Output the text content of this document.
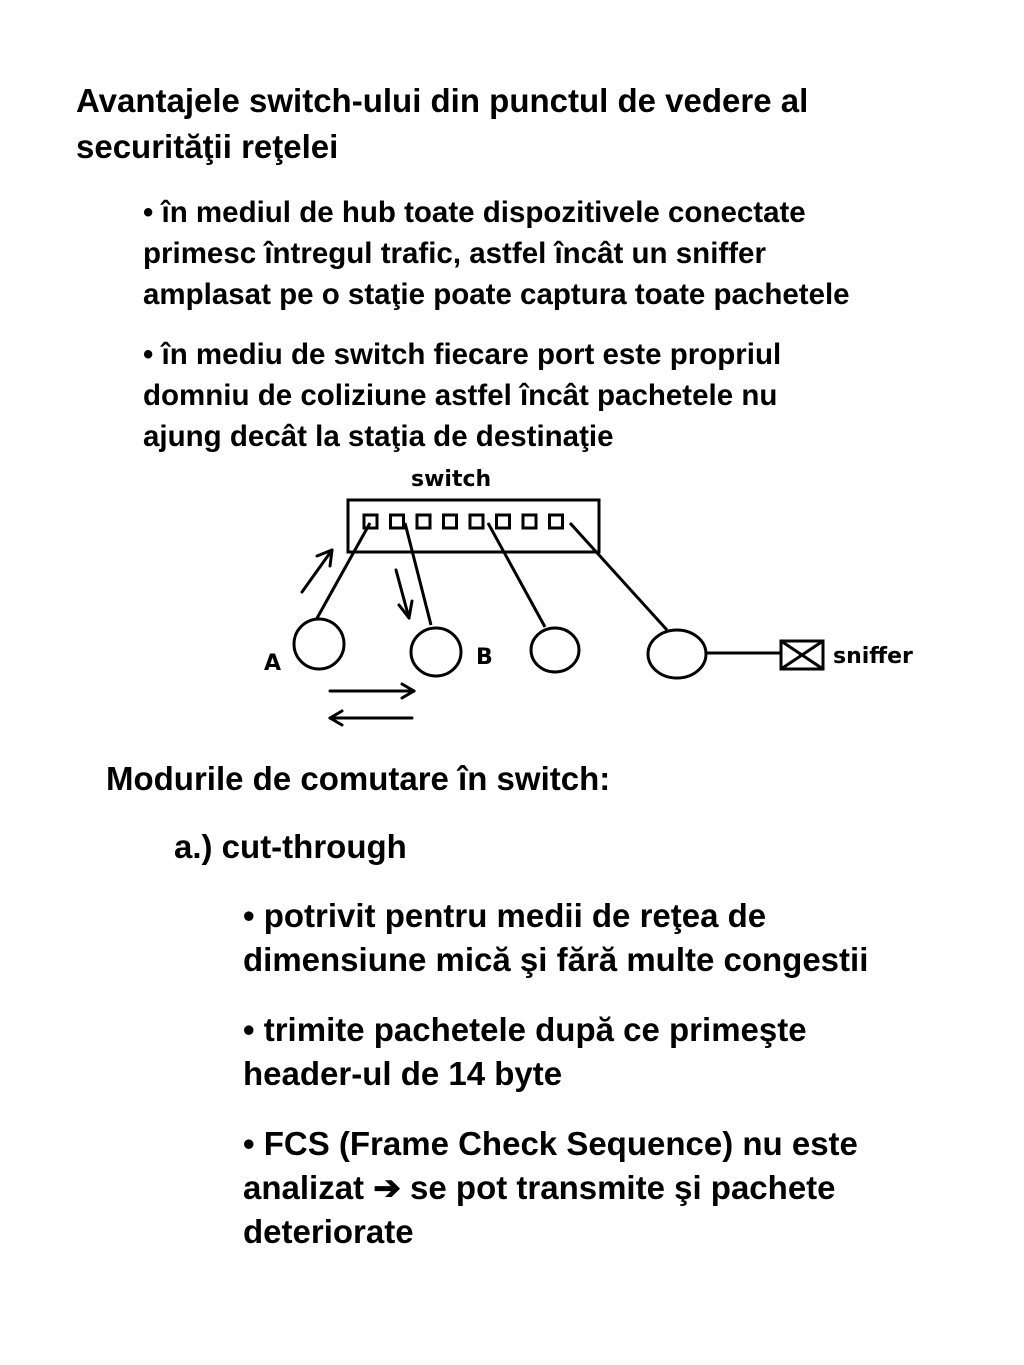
Avantajele switch-ului din punctul de vedere al
securităţii reţelei
• în mediul de hub toate dispozitivele conectate
primesc întregul trafic, astfel încât un sniffer
amplasat pe o staţie poate captura toate pachetele
• în mediu de switch fiecare port este propriul
domniu de coliziune astfel încât pachetele nu
ajung decât la staţia de destinaţie
switch
A	B	sniffer
Modurile de comutare în switch:
a.) cut-through
• potrivit pentru medii de reţea de
dimensiune mică şi fără multe congestii
• trimite pachetele după ce primeşte
header-ul de 14 byte
• FCS (Frame Check Sequence) nu este
analizat ➔ se pot transmite şi pachete
deteriorate
